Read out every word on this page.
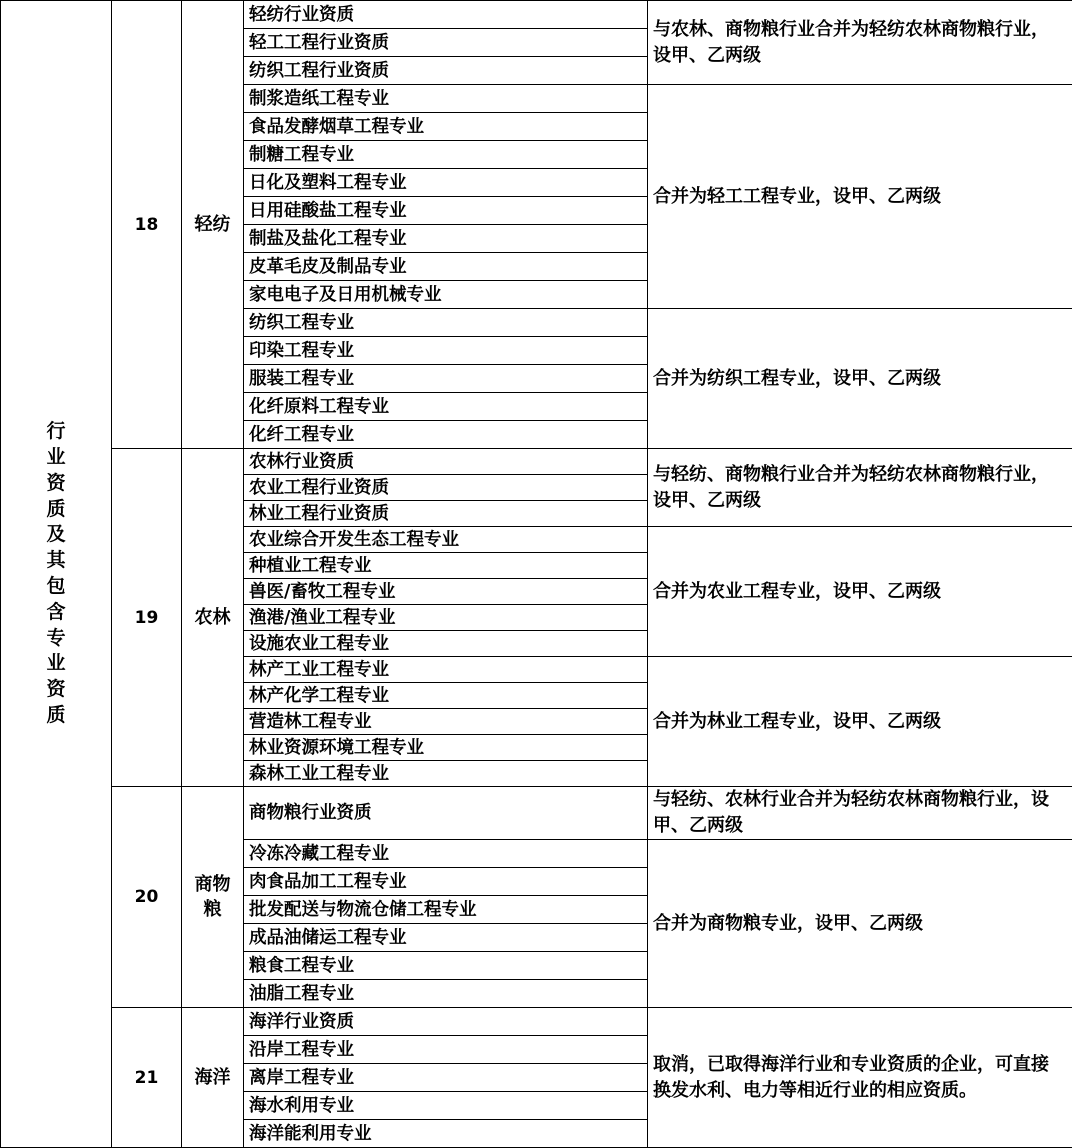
行业资质及其包含专业资质	18	轻纺	轻纺行业资质	与农林、商物粮行业合并为轻纺农林商物粮行业，设甲、乙两级
			轻工工程行业资质	
			纺织工程行业资质	
			制浆造纸工程专业	合并为轻工工程专业，设甲、乙两级
			食品发酵烟草工程专业	
			制糖工程专业	
			日化及塑料工程专业	
			日用硅酸盐工程专业	
			制盐及盐化工程专业	
			皮革毛皮及制品专业	
			家电电子及日用机械专业	
			纺织工程专业	合并为纺织工程专业，设甲、乙两级
			印染工程专业	
			服装工程专业	
			化纤原料工程专业	
			化纤工程专业	
	19	农林	农林行业资质	与轻纺、商物粮行业合并为轻纺农林商物粮行业，设甲、乙两级
			农业工程行业资质	
			林业工程行业资质	
			农业综合开发生态工程专业	合并为农业工程专业，设甲、乙两级
			种植业工程专业	
			兽医/畜牧工程专业	
			渔港/渔业工程专业	
			设施农业工程专业	
			林产工业工程专业	合并为林业工程专业，设甲、乙两级
			林产化学工程专业	
			营造林工程专业	
			林业资源环境工程专业	
			森林工业工程专业	
	20	商物粮	商物粮行业资质	与轻纺、农林行业合并为轻纺农林商物粮行业，设甲、乙两级
			冷冻冷藏工程专业	合并为商物粮专业，设甲、乙两级
			肉食品加工工程专业	
			批发配送与物流仓储工程专业	
			成品油储运工程专业	
			粮食工程专业	
			油脂工程专业	
	21	海洋	海洋行业资质	取消，已取得海洋行业和专业资质的企业，可直接换发水利、电力等相近行业的相应资质。
			沿岸工程专业	
			离岸工程专业	
			海水利用专业	
			海洋能利用专业	
